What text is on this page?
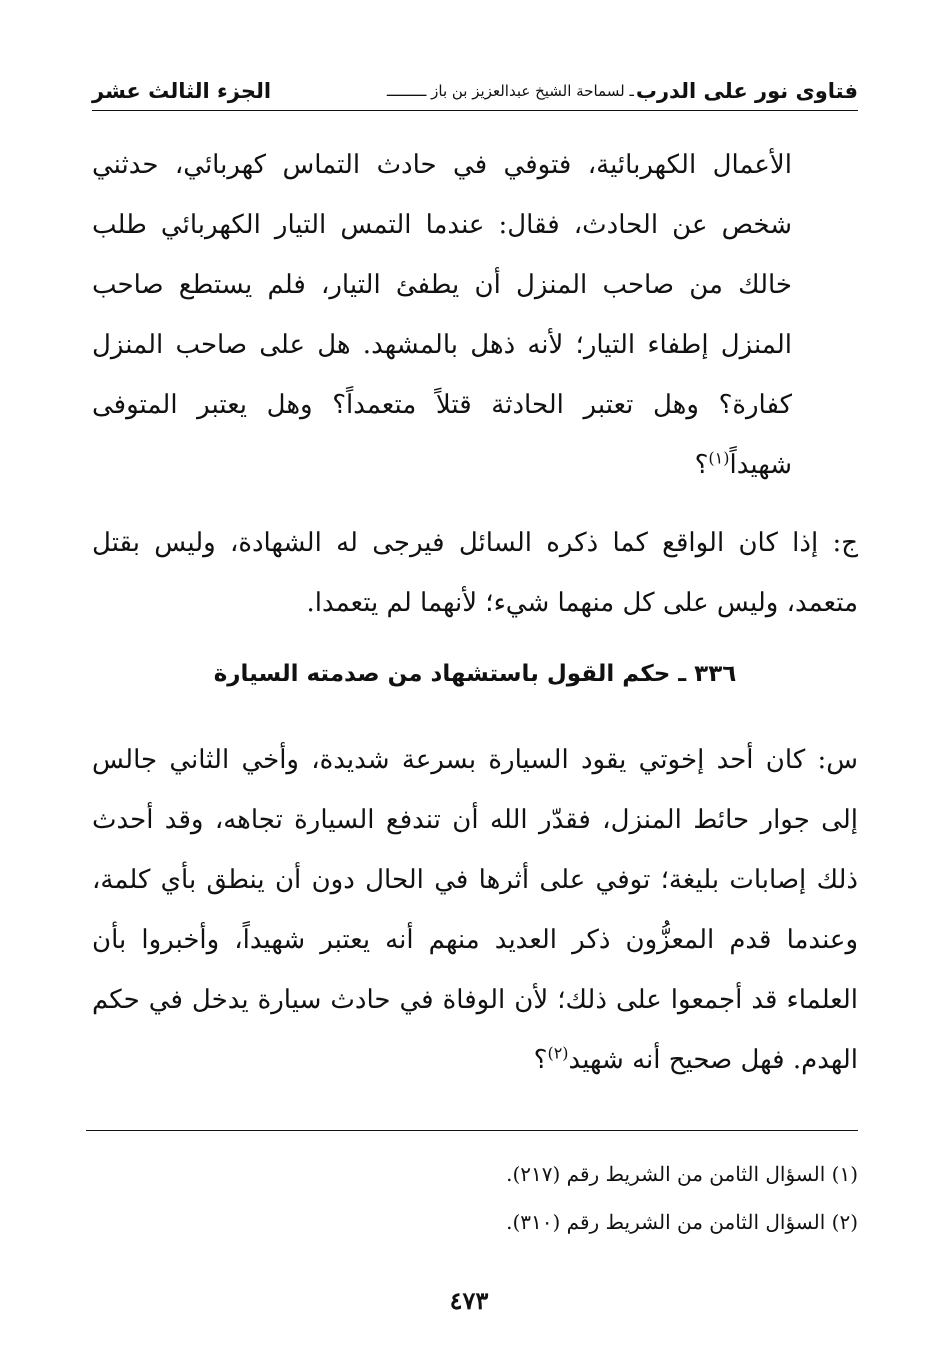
فتاوى نور على الدرب
ـ لسماحة الشيخ عبدالعزيز بن باز ـــــــــ
الجزء الثالث عشر

الأعمال الكهربائية، فتوفي في حادث التماس كهربائي، حدثني شخص عن الحادث، فقال: عندما التمس التيار الكهربائي طلب خالك من صاحب المنزل أن يطفئ التيار، فلم يستطع صاحب المنزل إطفاء التيار؛ لأنه ذهل بالمشهد. هل على صاحب المنزل كفارة؟ وهل تعتبر الحادثة قتلاً متعمداً؟ وهل يعتبر المتوفى شهيداً$^{(١)}$؟

ج: إذا كان الواقع كما ذكره السائل فيرجى له الشهادة، وليس بقتل متعمد، وليس على كل منهما شيء؛ لأنهما لم يتعمدا.

٣٣٦ ـ حكم القول باستشهاد من صدمته السيارة

س: كان أحد إخوتي يقود السيارة بسرعة شديدة، وأخي الثاني جالس إلى جوار حائط المنزل، فقدّر الله أن تندفع السيارة تجاهه، وقد أحدث ذلك إصابات بليغة؛ توفي على أثرها في الحال دون أن ينطق بأي كلمة، وعندما قدم المعزُّون ذكر العديد منهم أنه يعتبر شهيداً، وأخبروا بأن العلماء قد أجمعوا على ذلك؛ لأن الوفاة في حادث سيارة يدخل في حكم الهدم. فهل صحيح أنه شهيد$^{(٢)}$؟

(١) السؤال الثامن من الشريط رقم (٢١٧).
(٢) السؤال الثامن من الشريط رقم (٣١٠).
٤٧٣
